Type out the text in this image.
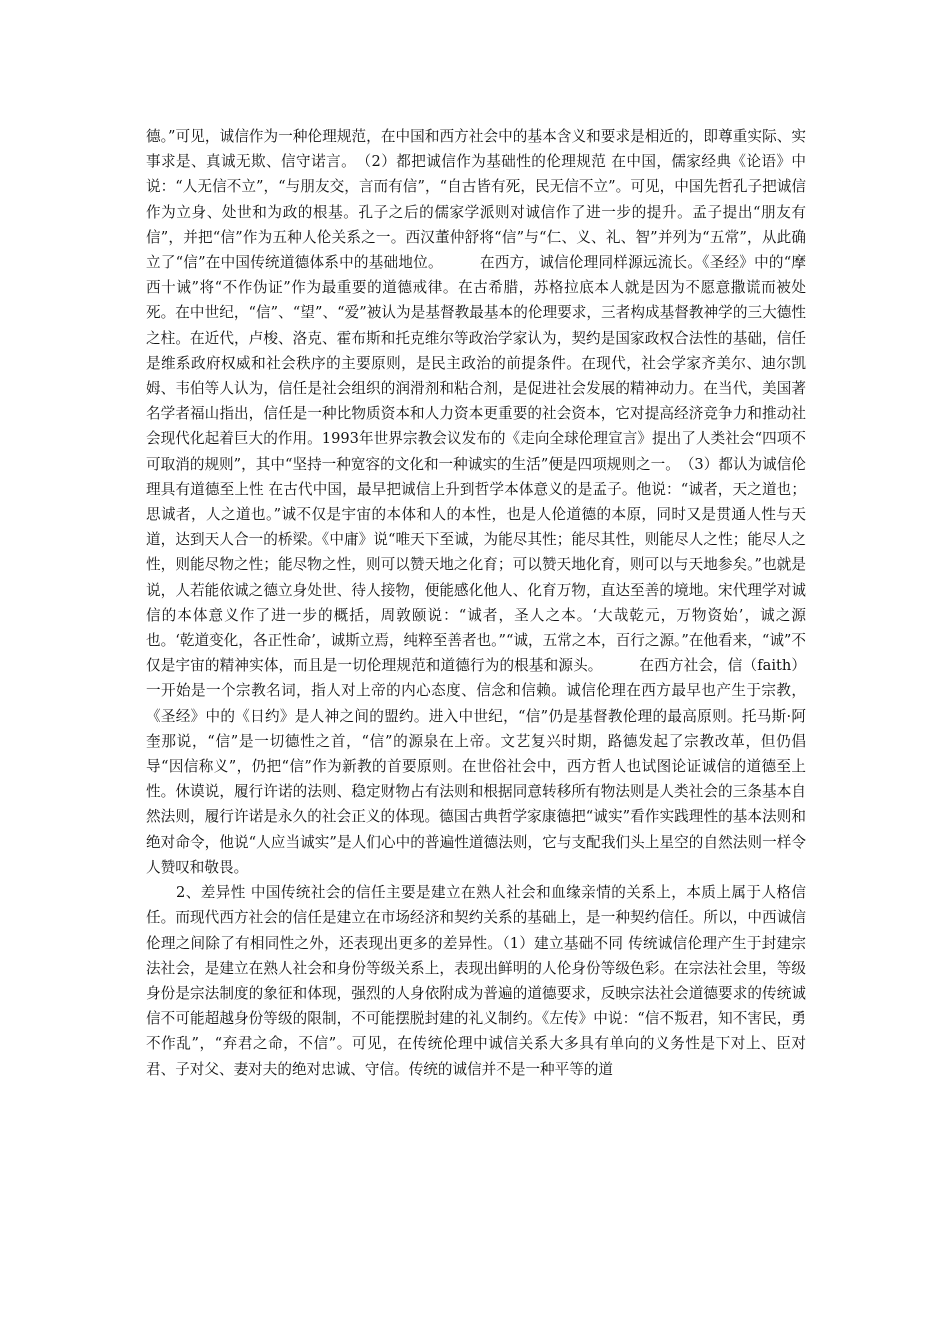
德。”可见，诚信作为一种伦理规范，在中国和西方社会中的基本含义和要求是相近的，即尊重实际、实事求是、真诚无欺、信守诺言。　（2）都把诚信作为基础性的伦理规范 在中国，儒家经典《论语》中说：“人无信不立”，“与朋友交，言而有信”，“自古皆有死，民无信不立”。可见，中国先哲孔子把诚信作为立身、处世和为政的根基。孔子之后的儒家学派则对诚信作了进一步的提升。孟子提出“朋友有信”，并把“信”作为五种人伦关系之一。西汉董仲舒将“信”与“仁、义、礼、智”并列为“五常”，从此确立了“信”在中国传统道德体系中的基础地位。　　　在西方，诚信伦理同样源远流长。《圣经》中的“摩西十诫”将“不作伪证”作为最重要的道德戒律。在古希腊，苏格拉底本人就是因为不愿意撒谎而被处死。在中世纪，“信”、“望”、“爱”被认为是基督教最基本的伦理要求，三者构成基督教神学的三大德性之柱。在近代，卢梭、洛克、霍布斯和托克维尔等政治学家认为，契约是国家政权合法性的基础，信任是维系政府权威和社会秩序的主要原则，是民主政治的前提条件。在现代，社会学家齐美尔、迪尔凯姆、韦伯等人认为，信任是社会组织的润滑剂和粘合剂，是促进社会发展的精神动力。在当代，美国著名学者福山指出，信任是一种比物质资本和人力资本更重要的社会资本，它对提高经济竞争力和推动社会现代化起着巨大的作用。1993年世界宗教会议发布的《走向全球伦理宣言》提出了人类社会“四项不可取消的规则”，其中“坚持一种宽容的文化和一种诚实的生活”便是四项规则之一。　（3）都认为诚信伦理具有道德至上性 在古代中国，最早把诚信上升到哲学本体意义的是孟子。他说：“诚者，天之道也；思诚者，人之道也。”诚不仅是宇宙的本体和人的本性，也是人伦道德的本原，同时又是贯通人性与天道，达到天人合一的桥梁。《中庸》说“唯天下至诚，为能尽其性；能尽其性，则能尽人之性；能尽人之性，则能尽物之性；能尽物之性，则可以赞天地之化育；可以赞天地化育，则可以与天地参矣。”也就是说，人若能依诚之德立身处世、待人接物，便能感化他人、化育万物，直达至善的境地。宋代理学对诚信的本体意义作了进一步的概括，周敦颐说：“诚者，圣人之本。‘大哉乾元，万物资始’，诚之源也。‘乾道变化，各正性命’，诚斯立焉，纯粹至善者也。”“诚，五常之本，百行之源。”在他看来，“诚”不仅是宇宙的精神实体，而且是一切伦理规范和道德行为的根基和源头。　　　在西方社会，信（faith）一开始是一个宗教名词，指人对上帝的内心态度、信念和信赖。诚信伦理在西方最早也产生于宗教，《圣经》中的《日约》是人神之间的盟约。进入中世纪，“信”仍是基督教伦理的最高原则。托马斯·阿奎那说，“信”是一切德性之首，“信”的源泉在上帝。文艺复兴时期，路德发起了宗教改革，但仍倡导“因信称义”，仍把“信”作为新教的首要原则。在世俗社会中，西方哲人也试图论证诚信的道德至上性。休谟说，履行许诺的法则、稳定财物占有法则和根据同意转移所有物法则是人类社会的三条基本自然法则，履行许诺是永久的社会正义的体现。德国古典哲学家康德把“诚实”看作实践理性的基本法则和绝对命令，他说“人应当诚实”是人们心中的普遍性道德法则，它与支配我们头上星空的自然法则一样令人赞叹和敬畏。

2、差异性 中国传统社会的信任主要是建立在熟人社会和血缘亲情的关系上，本质上属于人格信任。而现代西方社会的信任是建立在市场经济和契约关系的基础上，是一种契约信任。所以，中西诚信伦理之间除了有相同性之外，还表现出更多的差异性。（1）建立基础不同 传统诚信伦理产生于封建宗法社会，是建立在熟人社会和身份等级关系上，表现出鲜明的人伦身份等级色彩。在宗法社会里，等级身份是宗法制度的象征和体现，强烈的人身依附成为普遍的道德要求，反映宗法社会道德要求的传统诚信不可能超越身份等级的限制，不可能摆脱封建的礼义制约。《左传》中说：“信不叛君，知不害民，勇不作乱”，“弃君之命，不信”。可见，在传统伦理中诚信关系大多具有单向的义务性是下对上、臣对君、子对父、妻对夫的绝对忠诚、守信。传统的诚信并不是一种平等的道
